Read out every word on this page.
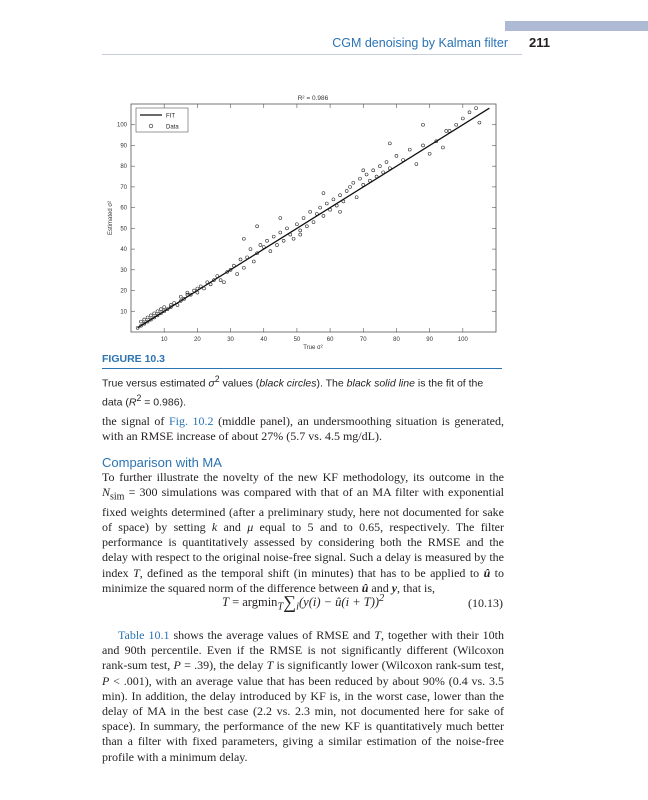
CGM denoising by Kalman filter 211
10
20
30
40
50
60
70
80
90
100
10	20	30	40	50	60	70	80	90	100
R² = 0.986
True σ²
Estimated σ²
FIT
Data
FIGURE 10.3
True versus estimated $\sigma^2$ values (black circles). The black solid line is the fit of the data $(R^2 = 0.986)$.

the signal of Fig. 10.2 (middle panel), an undersmoothing situation is generated, with an RMSE increase of about 27% (5.7 vs. 4.5 mg/dL).

Comparison with MA

To further illustrate the novelty of the new KF methodology, its outcome in the $N_{sim} = 300$ simulations was compared with that of an MA filter with exponential fixed weights determined (after a preliminary study, here not documented for sake of space) by setting k and μ equal to 5 and to 0.65, respectively. The filter performance is quantitatively assessed by considering both the RMSE and the delay with respect to the original noise-free signal. Such a delay is measured by the index T, defined as the temporal shift (in minutes) that has to be applied to û to minimize the squared norm of the difference between û and y, that is,

$T = argmin_T\sum_i(y(i)$ − û(i + T))$^2$	(10.13)

Table 10.1 shows the average values of RMSE and T, together with their 10th and 90th percentile. Even if the RMSE is not significantly different (Wilcoxon rank-sum test, P = .39), the delay T is significantly lower (Wilcoxon rank-sum test, P < .001), with an average value that has been reduced by about 90% (0.4 vs. 3.5 min). In addition, the delay introduced by KF is, in the worst case, lower than the delay of MA in the best case (2.2 vs. 2.3 min, not documented here for sake of space). In summary, the performance of the new KF is quantitatively much better than a filter with fixed parameters, giving a similar estimation of the noise-free profile with a minimum delay.
